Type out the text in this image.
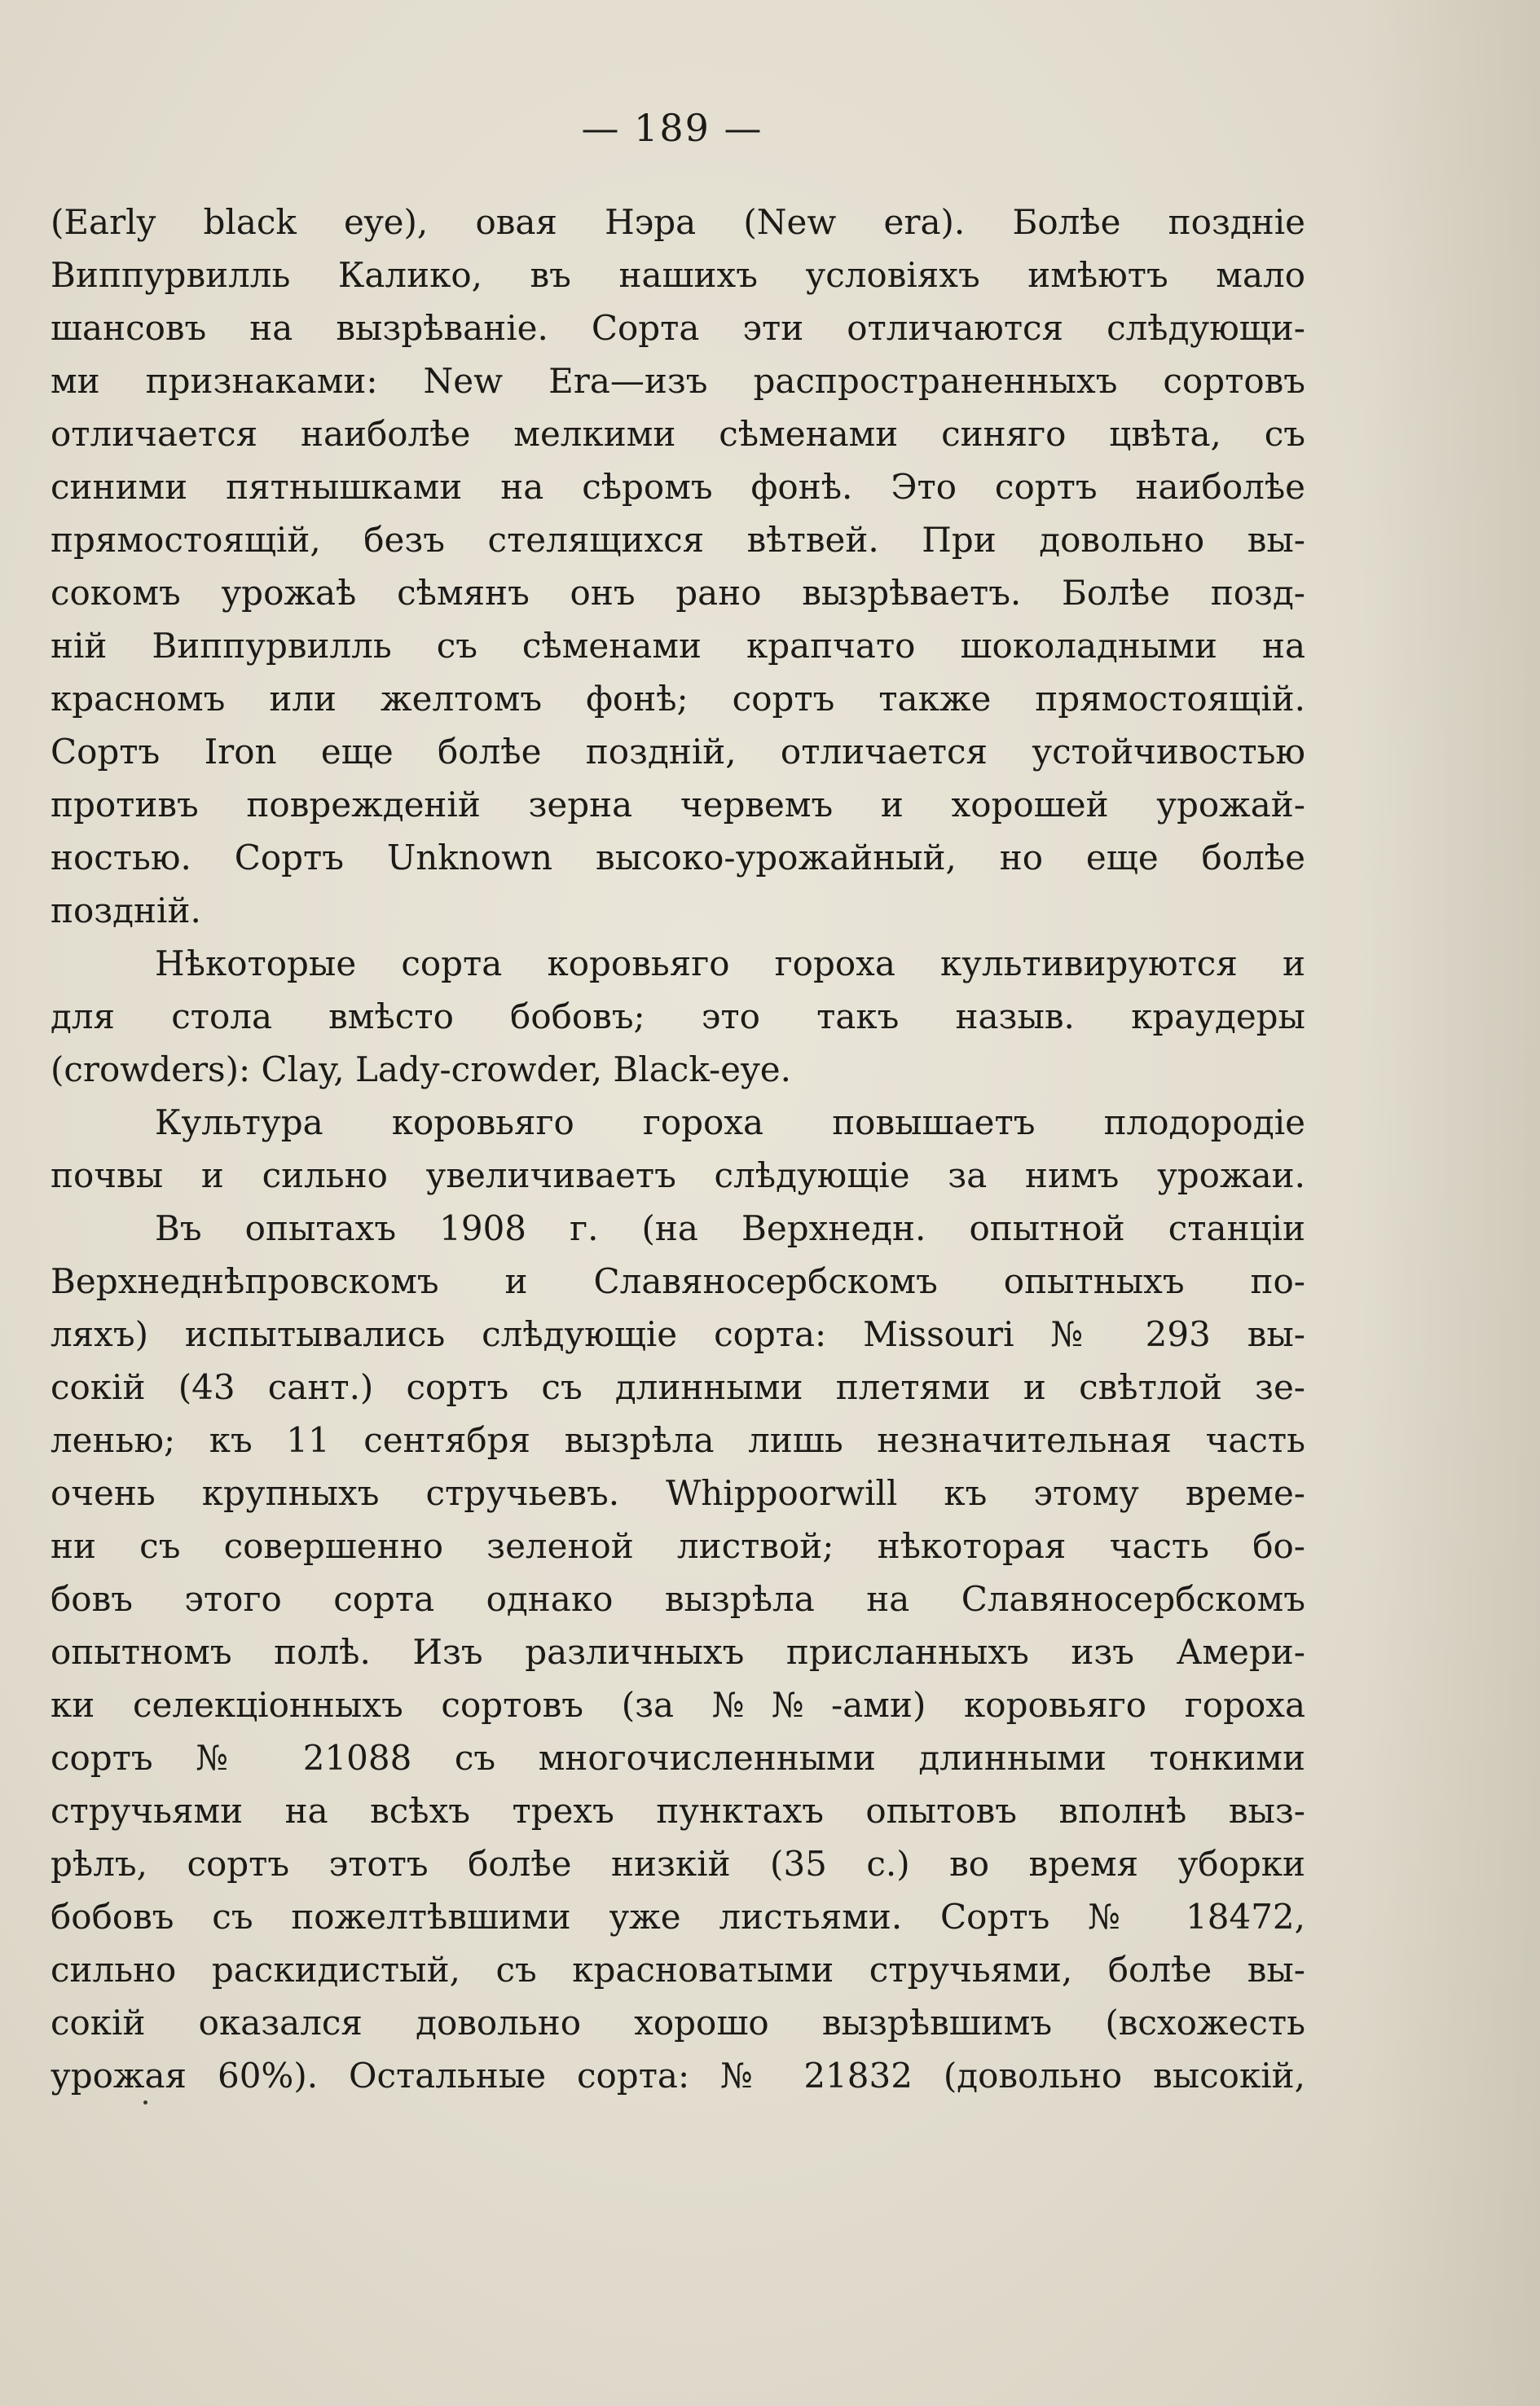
— 189 —
(Early black eye), овая Нэра (New era). Болѣе поздніе
Виппурвилль Калико, въ нашихъ условіяхъ имѣютъ мало
шансовъ на вызрѣваніе. Сорта эти отличаются слѣдующи-
ми признаками: New Era—изъ распространенныхъ сортовъ
отличается наиболѣе мелкими сѣменами синяго цвѣта, съ
синими пятнышками на сѣромъ фонѣ. Это сортъ наиболѣе
прямостоящій, безъ стелящихся вѣтвей. При довольно вы-
сокомъ урожаѣ сѣмянъ онъ рано вызрѣваетъ. Болѣе позд-
ній Виппурвилль съ сѣменами крапчато шоколадными на
красномъ или желтомъ фонѣ; сортъ также прямостоящій.
Сортъ Iron еще болѣе поздній, отличается устойчивостью
противъ поврежденій зерна червемъ и хорошей урожай-
ностью. Сортъ Unknown высоко-урожайный, но еще болѣе
поздній.
Нѣкоторые сорта коровьяго гороха культивируются и
для стола вмѣсто бобовъ; это такъ назыв. краудеры
(crowders): Clay, Lady-crowder, Black-eye.
Культура коровьяго гороха повышаетъ плодородіе
почвы и сильно увеличиваетъ слѣдующіе за нимъ урожаи.
Въ опытахъ 1908 г. (на Верхнедн. опытной станціи
Верхнеднѣпровскомъ и Славяносербскомъ опытныхъ по-
ляхъ) испытывались слѣдующіе сорта: Missouri № 293 вы-
сокій (43 сант.) сортъ съ длинными плетями и свѣтлой зе-
ленью; къ 11 сентября вызрѣла лишь незначительная часть
очень крупныхъ стручьевъ. Whippoorwill къ этому време-
ни съ совершенно зеленой листвой; нѣкоторая часть бо-
бовъ этого сорта однако вызрѣла на Славяносербскомъ
опытномъ полѣ. Изъ различныхъ присланныхъ изъ Амери-
ки селекціонныхъ сортовъ (за №№-ами) коровьяго гороха
сортъ № 21088 съ многочисленными длинными тонкими
стручьями на всѣхъ трехъ пунктахъ опытовъ вполнѣ выз-
рѣлъ, сортъ этотъ болѣе низкій (35 с.) во время уборки
бобовъ съ пожелтѣвшими уже листьями. Сортъ № 18472,
сильно раскидистый, съ красноватыми стручьями, болѣе вы-
сокій оказался довольно хорошо вызрѣвшимъ (всхожесть
урожая 60%). Остальные сорта: № 21832 (довольно высокій,
